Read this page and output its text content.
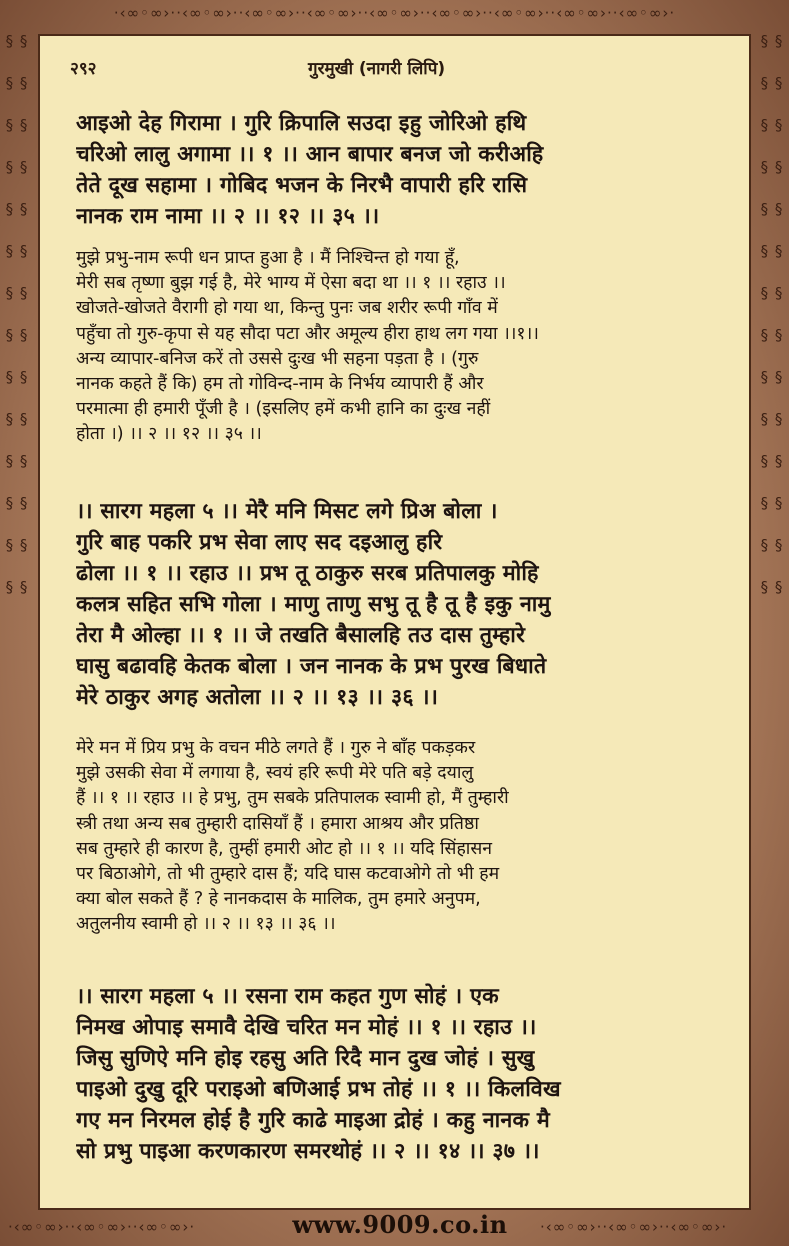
·‹∞◦∞›··‹∞◦∞›··‹∞◦∞›··‹∞◦∞›··‹∞◦∞›··‹∞◦∞›··‹∞◦∞›··‹∞◦∞›··‹∞◦∞›·
§ § § § § § § § § § § § § § § § § § § § § § § § § § § §
§ § § § § § § § § § § § § § § § § § § § § § § § § § § §
·‹∞◦∞›··‹∞◦∞›··‹∞◦∞›·	·‹∞◦∞›··‹∞◦∞›··‹∞◦∞›·
२९२	गुरमुखी (नागरी लिपि)
आइओ देह गिरामा । गुरि क्रिपालि सउदा इहु जोरिओ हथि
चरिओ लालु अगामा ।। १ ।। आन बापार बनज जो करीअहि
तेते दूख सहामा । गोबिद भजन के निरभै वापारी हरि रासि
नानक राम नामा ।। २ ।। १२ ।। ३५ ।।
मुझे प्रभु-नाम रूपी धन प्राप्त हुआ है । मैं निश्चिन्त हो गया हूँ,
मेरी सब तृष्णा बुझ गई है, मेरे भाग्य में ऐसा बदा था ।। १ ।। रहाउ ।।
खोजते-खोजते वैरागी हो गया था, किन्तु पुनः जब शरीर रूपी गाँव में
पहुँचा तो गुरु-कृपा से यह सौदा पटा और अमूल्य हीरा हाथ लग गया ।।१।।
अन्य व्यापार-बनिज करें तो उससे दुःख भी सहना पड़ता है । (गुरु
नानक कहते हैं कि) हम तो गोविन्द-नाम के निर्भय व्यापारी हैं और
परमात्मा ही हमारी पूँजी है । (इसलिए हमें कभी हानि का दुःख नहीं
होता ।) ।। २ ।। १२ ।। ३५ ।।
।। सारग महला ५ ।। मेरै मनि मिसट लगे प्रिअ बोला ।
गुरि बाह पकरि प्रभ सेवा लाए सद दइआलु हरि
ढोला ।। १ ।। रहाउ ।। प्रभ तू ठाकुरु सरब प्रतिपालकु मोहि
कलत्र सहित सभि गोला । माणु ताणु सभु तू है तू है इकु नामु
तेरा मै ओल्हा ।। १ ।। जे तखति बैसालहि तउ दास तुम्हारे
घासु बढावहि केतक बोला । जन नानक के प्रभ पुरख बिधाते
मेरे ठाकुर अगह अतोला ।। २ ।। १३ ।। ३६ ।।
मेरे मन में प्रिय प्रभु के वचन मीठे लगते हैं । गुरु ने बाँह पकड़कर
मुझे उसकी सेवा में लगाया है, स्वयं हरि रूपी मेरे पति बड़े दयालु
हैं ।। १ ।। रहाउ ।। हे प्रभु, तुम सबके प्रतिपालक स्वामी हो, मैं तुम्हारी
स्त्री तथा अन्य सब तुम्हारी दासियाँ हैं । हमारा आश्रय और प्रतिष्ठा
सब तुम्हारे ही कारण है, तुम्हीं हमारी ओट हो ।। १ ।। यदि सिंहासन
पर बिठाओगे, तो भी तुम्हारे दास हैं; यदि घास कटवाओगे तो भी हम
क्या बोल सकते हैं ? हे नानकदास के मालिक, तुम हमारे अनुपम,
अतुलनीय स्वामी हो ।। २ ।। १३ ।। ३६ ।।
।। सारग महला ५ ।। रसना राम कहत गुण सोहं । एक
निमख ओपाइ समावै देखि चरित मन मोहं ।। १ ।। रहाउ ।।
जिसु सुणिऐ मनि होइ रहसु अति रिदै मान दुख जोहं । सुखु
पाइओ दुखु दूरि पराइओ बणिआई प्रभ तोहं ।। १ ।। किलविख
गए मन निरमल होई है गुरि काढे माइआ द्रोहं । कहु नानक मै
सो प्रभु पाइआ करणकारण समरथोहं ।। २ ।। १४ ।। ३७ ।।
www.9009.co.in
